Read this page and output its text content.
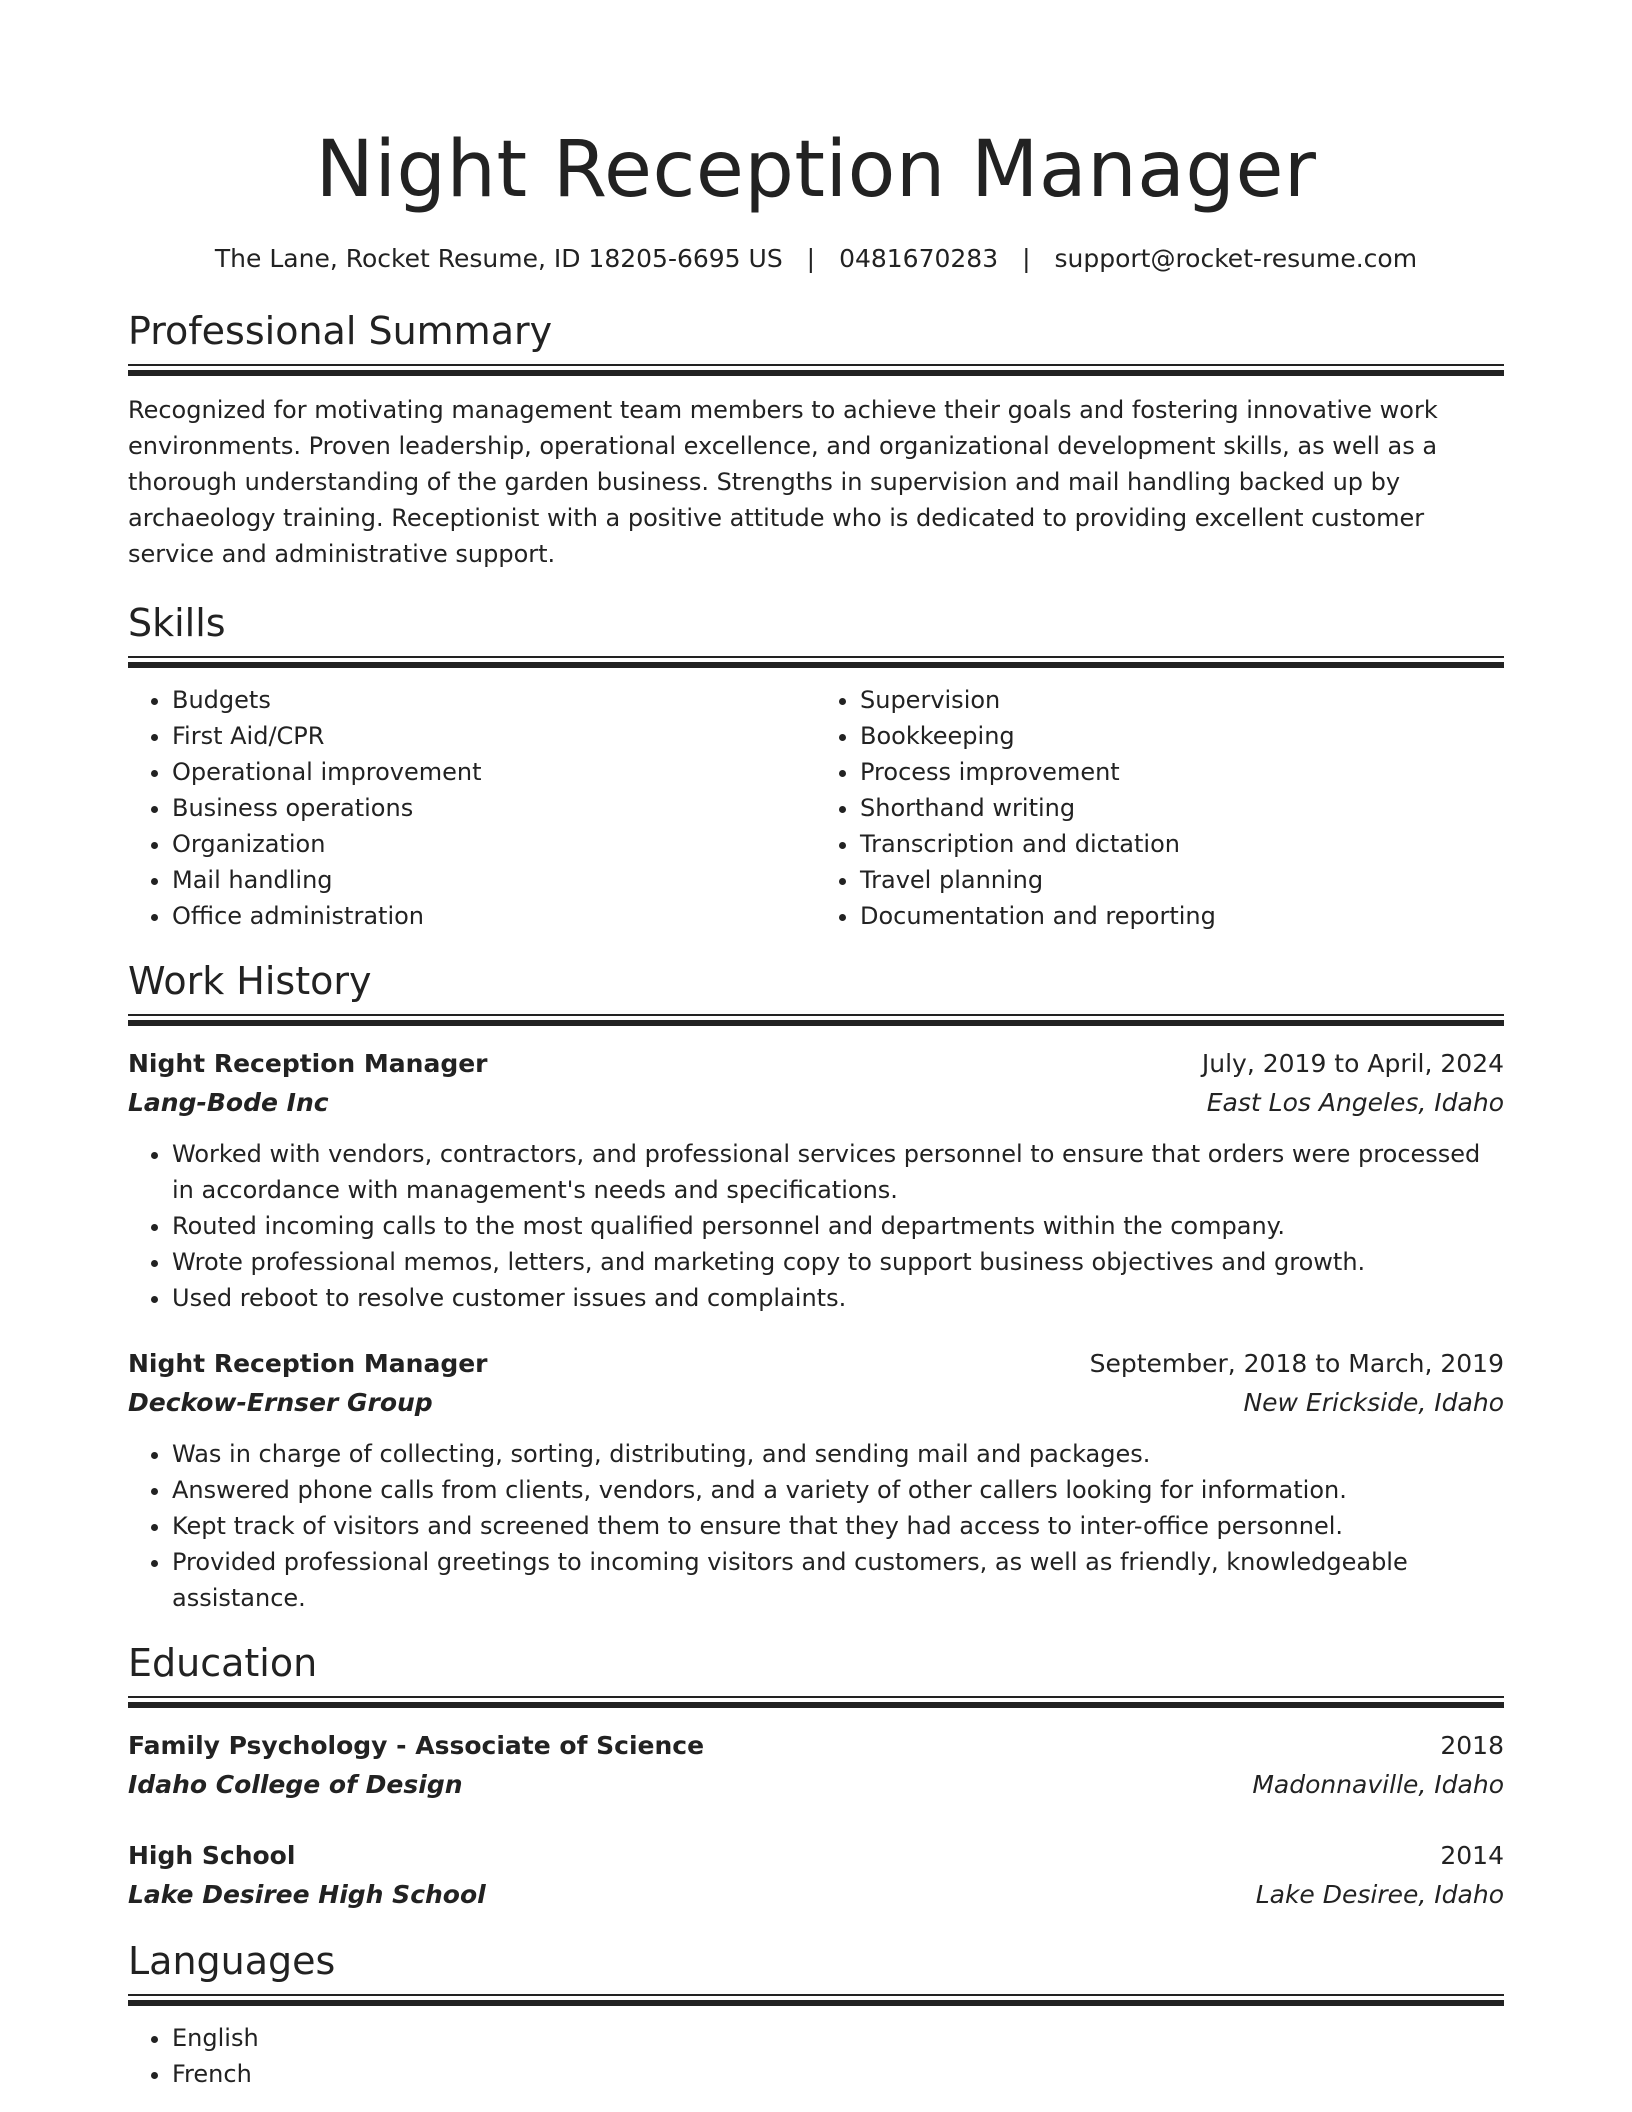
Night Reception Manager
The Lane, Rocket Resume, ID 18205-6695 US | 0481670283 | support@rocket-resume.com
Professional Summary
Recognized for motivating management team members to achieve their goals and fostering innovative work environments. Proven leadership, operational excellence, and organizational development skills, as well as a thorough understanding of the garden business. Strengths in supervision and mail handling backed up by archaeology training. Receptionist with a positive attitude who is dedicated to providing excellent customer service and administrative support.
Skills
• Budgets
• First Aid/CPR
• Operational improvement
• Business operations
• Organization
• Mail handling
• Office administration
• Supervision
• Bookkeeping
• Process improvement
• Shorthand writing
• Transcription and dictation
• Travel planning
• Documentation and reporting
Work History
Night Reception Manager	July, 2019 to April, 2024
Lang-Bode Inc	East Los Angeles, Idaho
• Worked with vendors, contractors, and professional services personnel to ensure that orders were processed in accordance with management's needs and specifications.
• Routed incoming calls to the most qualified personnel and departments within the company.
• Wrote professional memos, letters, and marketing copy to support business objectives and growth.
• Used reboot to resolve customer issues and complaints.
Night Reception Manager	September, 2018 to March, 2019
Deckow-Ernser Group	New Erickside, Idaho
• Was in charge of collecting, sorting, distributing, and sending mail and packages.
• Answered phone calls from clients, vendors, and a variety of other callers looking for information.
• Kept track of visitors and screened them to ensure that they had access to inter-office personnel.
• Provided professional greetings to incoming visitors and customers, as well as friendly, knowledgeable assistance.
Education
Family Psychology - Associate of Science	2018
Idaho College of Design	Madonnaville, Idaho
High School	2014
Lake Desiree High School	Lake Desiree, Idaho
Languages
• English
• French
